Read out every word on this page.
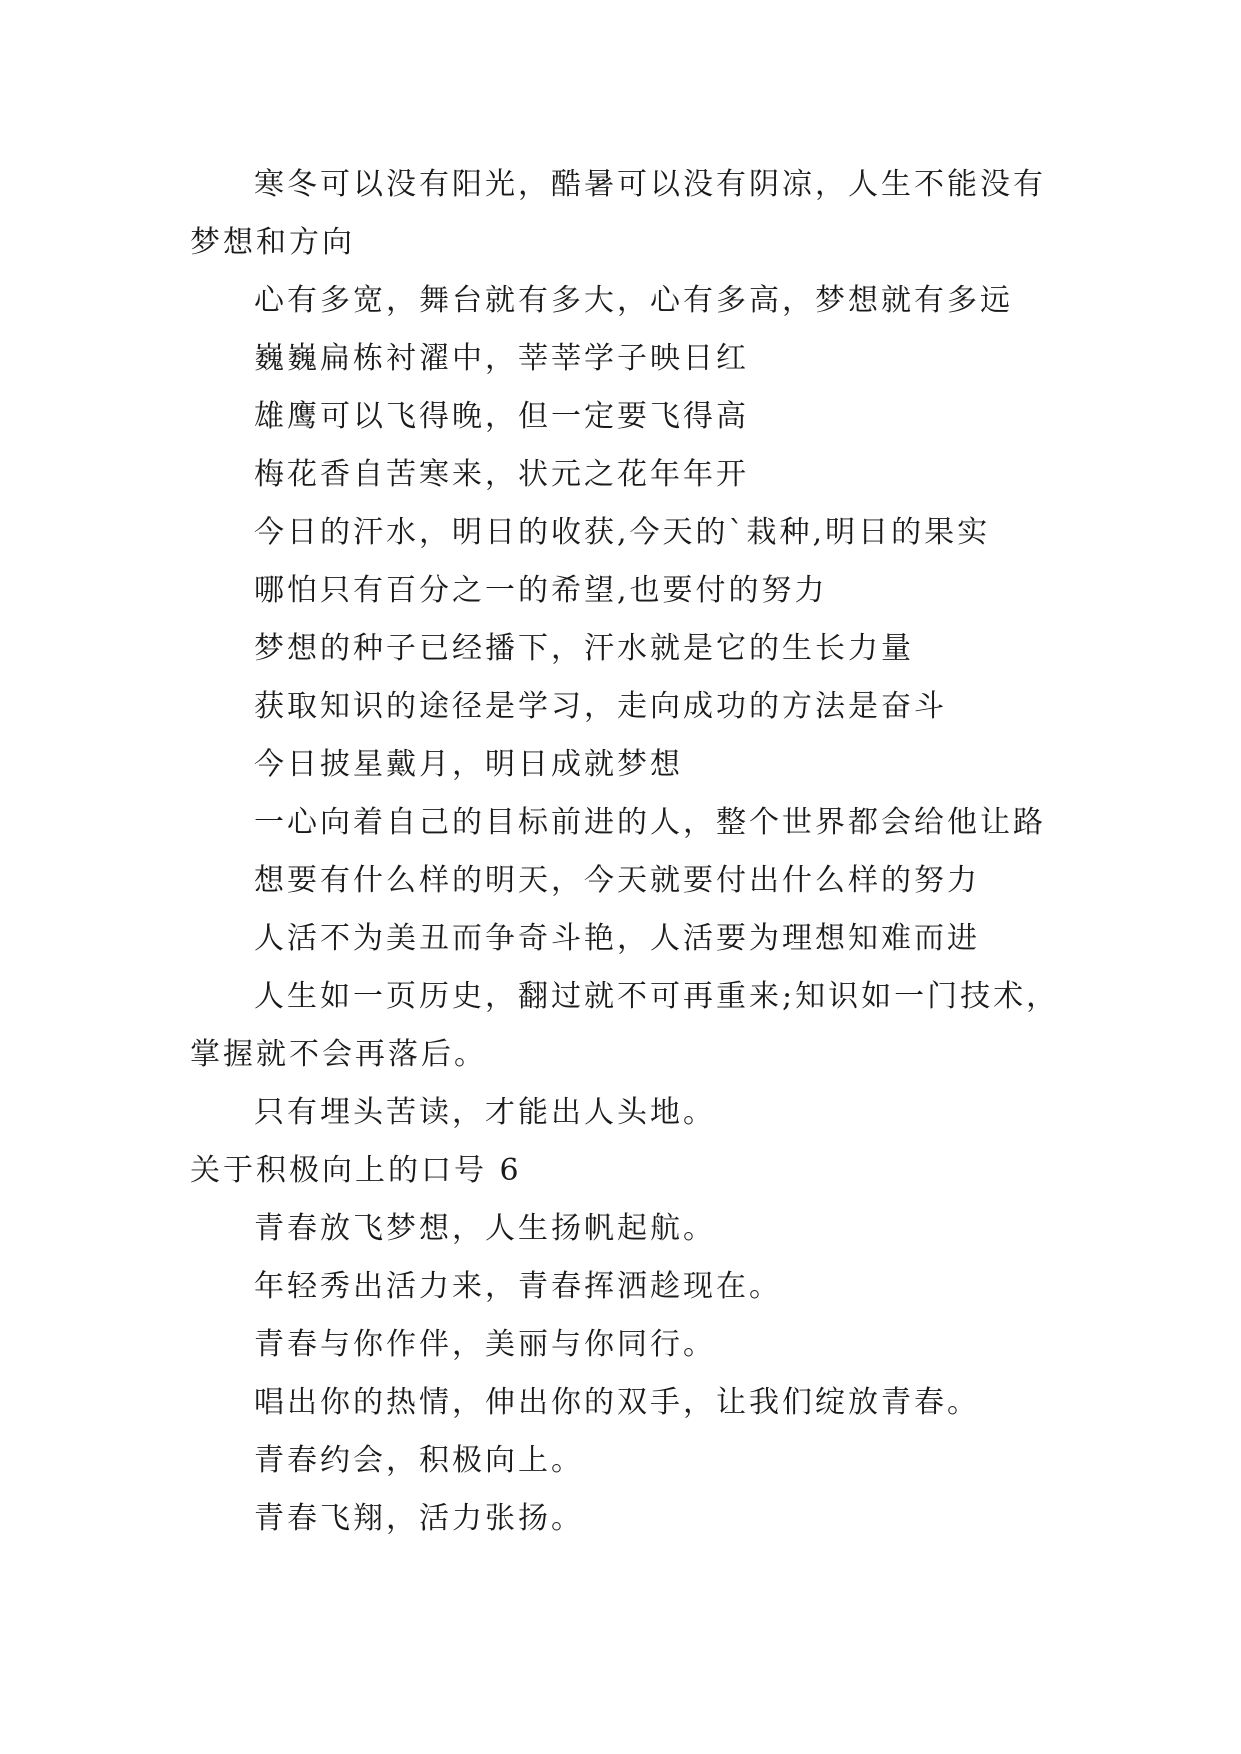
寒冬可以没有阳光，酷暑可以没有阴凉，人生不能没有梦想和方向

心有多宽，舞台就有多大，心有多高，梦想就有多远

巍巍扁栋衬濯中，莘莘学子映日红

雄鹰可以飞得晚，但一定要飞得高

梅花香自苦寒来，状元之花年年开

今日的汗水，明日的收获,今天的`栽种,明日的果实

哪怕只有百分之一的希望,也要付的努力

梦想的种子已经播下，汗水就是它的生长力量

获取知识的途径是学习，走向成功的方法是奋斗

今日披星戴月，明日成就梦想

一心向着自己的目标前进的人，整个世界都会给他让路

想要有什么样的明天，今天就要付出什么样的努力

人活不为美丑而争奇斗艳，人活要为理想知难而进

人生如一页历史，翻过就不可再重来;知识如一门技术，掌握就不会再落后。

只有埋头苦读，才能出人头地。

关于积极向上的口号 6

青春放飞梦想，人生扬帆起航。

年轻秀出活力来，青春挥洒趁现在。

青春与你作伴，美丽与你同行。

唱出你的热情，伸出你的双手，让我们绽放青春。

青春约会，积极向上。

青春飞翔，活力张扬。
